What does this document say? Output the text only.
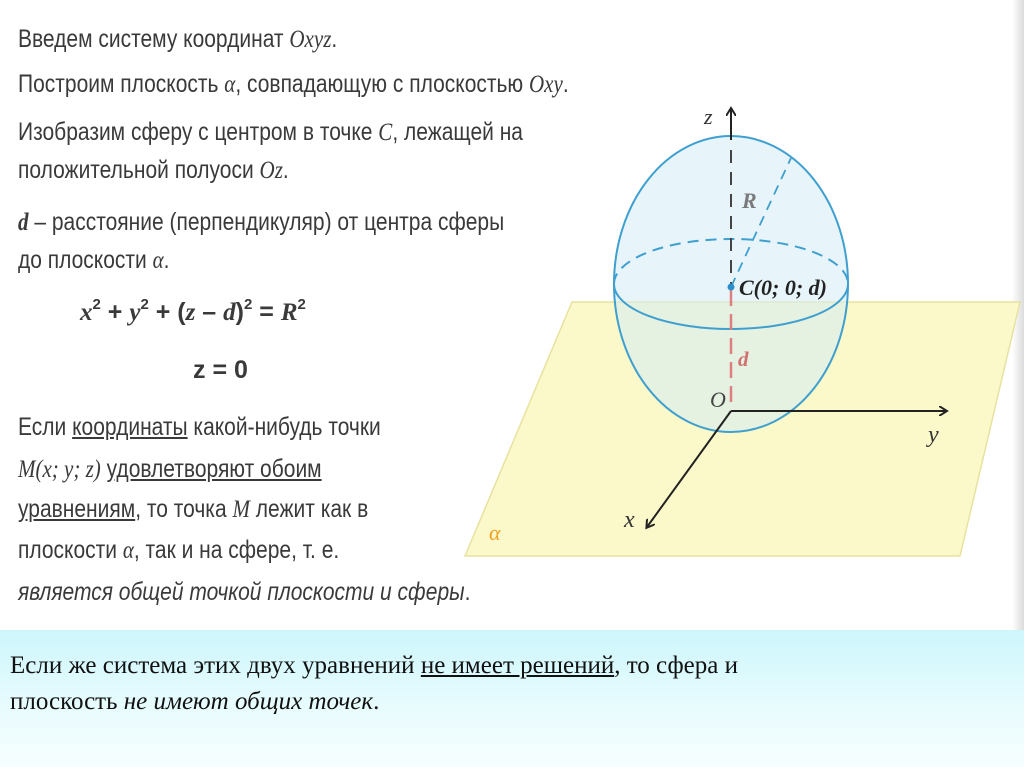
z
y
x
O
R
d
C(0; 0; d)
α
Введем систему координат Oxyz.
Построим плоскость α, совпадающую с плоскостью Oxy.
Изобразим сферу с центром в точке C, лежащей на
положительной полуоси Oz.
d – расстояние (перпендикуляр) от центра сферы
до плоскости α.
$x^2 + y^2 + (z - d)^2 = R^2$
z = 0
Если координаты какой-нибудь точки
M(x; y; z) удовлетворяют обоим
уравнениям, то точка M лежит как в
плоскости α, так и на сфере, т. е.
является общей точкой плоскости и сферы.
Если же система этих двух уравнений не имеет решений, то сфера и
плоскость не имеют общих точек.
